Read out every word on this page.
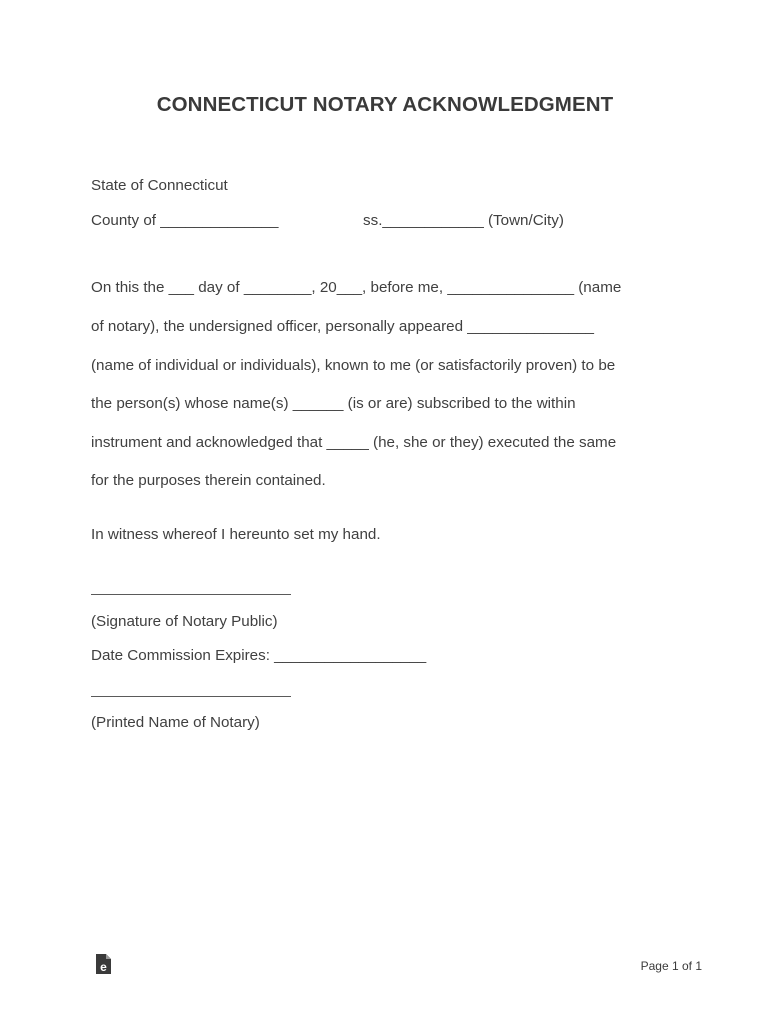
CONNECTICUT NOTARY ACKNOWLEDGMENT
State of Connecticut
County of ______________	ss.____________ (Town/City)
On this the ___ day of ________, 20___, before me, _______________ (name
of notary), the undersigned officer, personally appeared _______________
(name of individual or individuals), known to me (or satisfactorily proven) to be
the person(s) whose name(s) ______ (is or are) subscribed to the within
instrument and acknowledged that _____ (he, she or they) executed the same
for the purposes therein contained.
In witness whereof I hereunto set my hand.
(Signature of Notary Public)
Date Commission Expires: __________________
(Printed Name of Notary)
e	Page 1 of 1
